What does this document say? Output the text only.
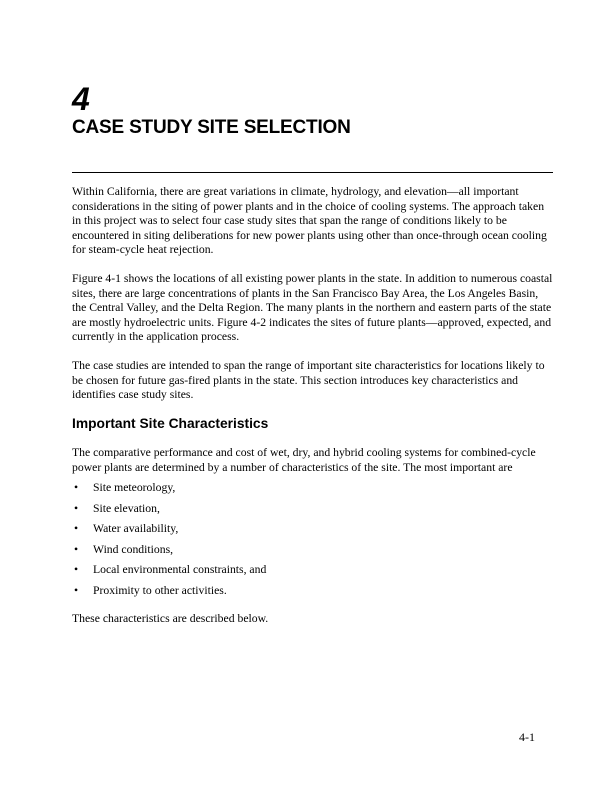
4
CASE STUDY SITE SELECTION

Within California, there are great variations in climate, hydrology, and elevation—all important considerations in the siting of power plants and in the choice of cooling systems. The approach taken in this project was to select four case study sites that span the range of conditions likely to be encountered in siting deliberations for new power plants using other than once-through ocean cooling for steam-cycle heat rejection.

Figure 4-1 shows the locations of all existing power plants in the state. In addition to numerous coastal sites, there are large concentrations of plants in the San Francisco Bay Area, the Los Angeles Basin, the Central Valley, and the Delta Region. The many plants in the northern and eastern parts of the state are mostly hydroelectric units. Figure 4-2 indicates the sites of future plants—approved, expected, and currently in the application process.

The case studies are intended to span the range of important site characteristics for locations likely to be chosen for future gas-fired plants in the state. This section introduces key characteristics and identifies case study sites.

Important Site Characteristics

The comparative performance and cost of wet, dry, and hybrid cooling systems for combined-cycle power plants are determined by a number of characteristics of the site. The most important are

• Site meteorology,
• Site elevation,
• Water availability,
• Wind conditions,
• Local environmental constraints, and
• Proximity to other activities.

These characteristics are described below.

4-1
